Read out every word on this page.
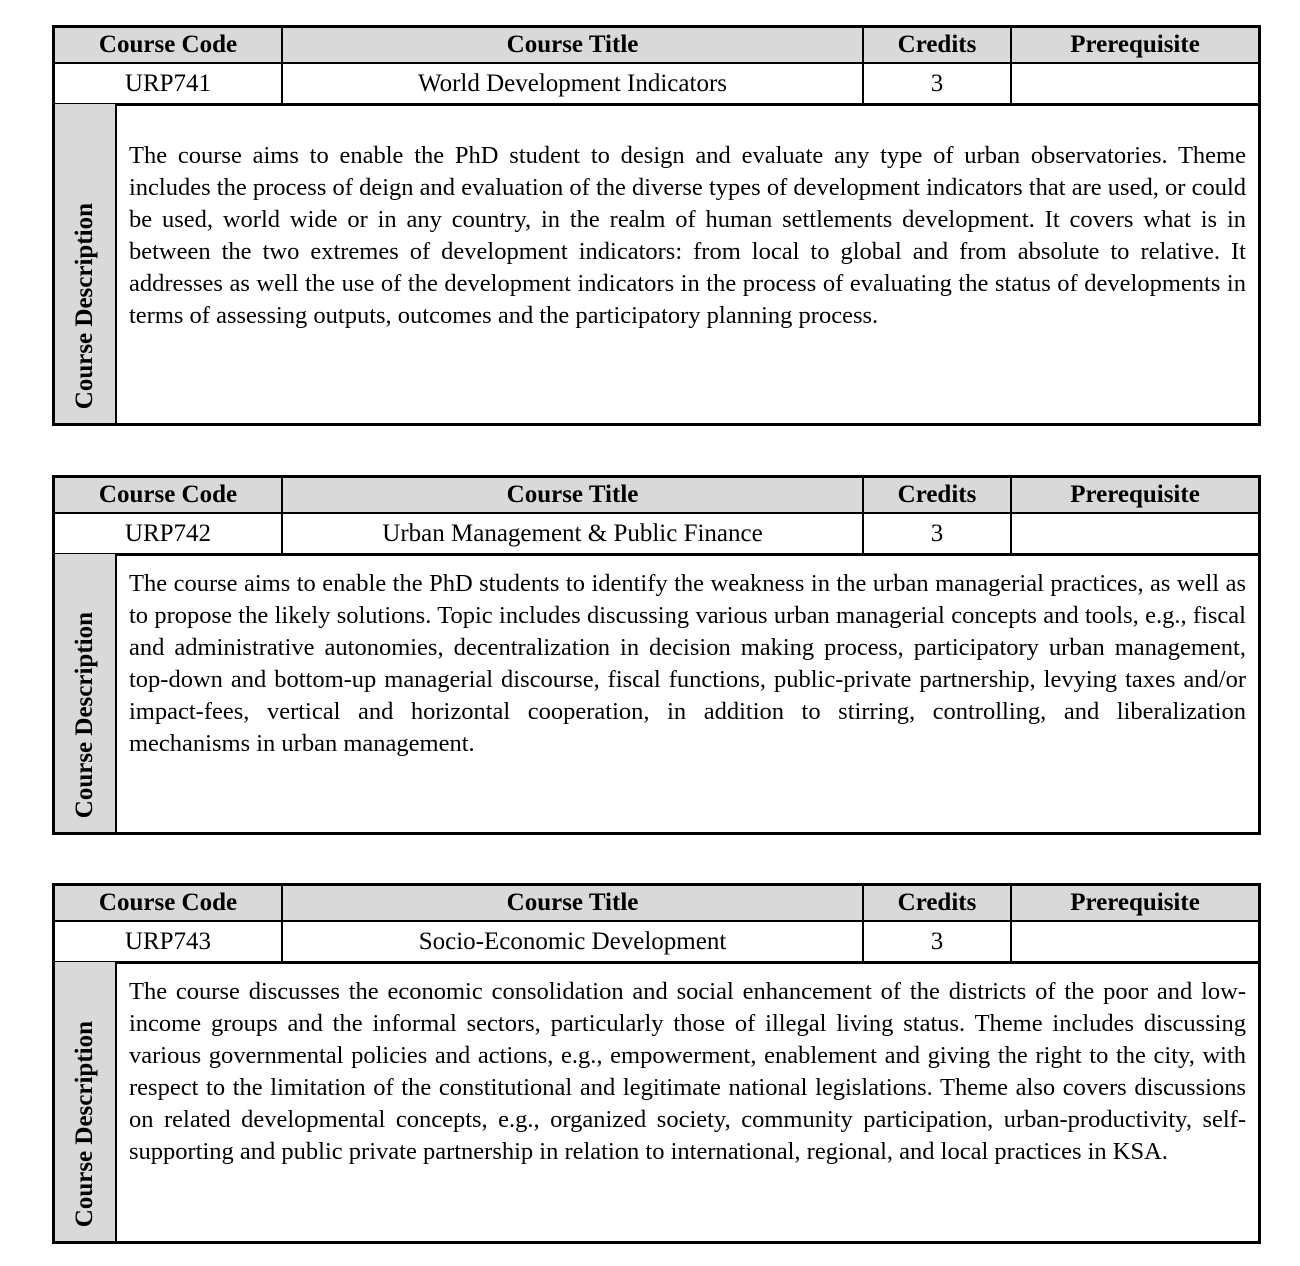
Course Code	Course Title	Credits	Prerequisite
URP741	World Development Indicators	3
Course Description
The course aims to enable the PhD student to design and evaluate any type of urban observatories. Theme includes the process of deign and evaluation of the diverse types of development indicators that are used, or could be used, world wide or in any country, in the realm of human settlements development. It covers what is in between the two extremes of development indicators: from local to global and from absolute to relative. It addresses as well the use of the development indicators in the process of evaluating the status of developments in terms of assessing outputs, outcomes and the participatory planning process.
Course Code	Course Title	Credits	Prerequisite
URP742	Urban Management & Public Finance	3
Course Description
The course aims to enable the PhD students to identify the weakness in the urban managerial practices, as well as to propose the likely solutions. Topic includes discussing various urban managerial concepts and tools, e.g., fiscal and administrative autonomies, decentralization in decision making process, participatory urban management, top-down and bottom-up managerial discourse, fiscal functions, public-private partnership, levying taxes and/or impact-fees, vertical and horizontal cooperation, in addition to stirring, controlling, and liberalization mechanisms in urban management.
Course Code	Course Title	Credits	Prerequisite
URP743	Socio-Economic Development	3
Course Description
The course discusses the economic consolidation and social enhancement of the districts of the poor and low-income groups and the informal sectors, particularly those of illegal living status. Theme includes discussing various governmental policies and actions, e.g., empowerment, enablement and giving the right to the city, with respect to the limitation of the constitutional and legitimate national legislations. Theme also covers discussions on related developmental concepts, e.g., organized society, community participation, urban-productivity, self-supporting and public private partnership in relation to international, regional, and local practices in KSA.
